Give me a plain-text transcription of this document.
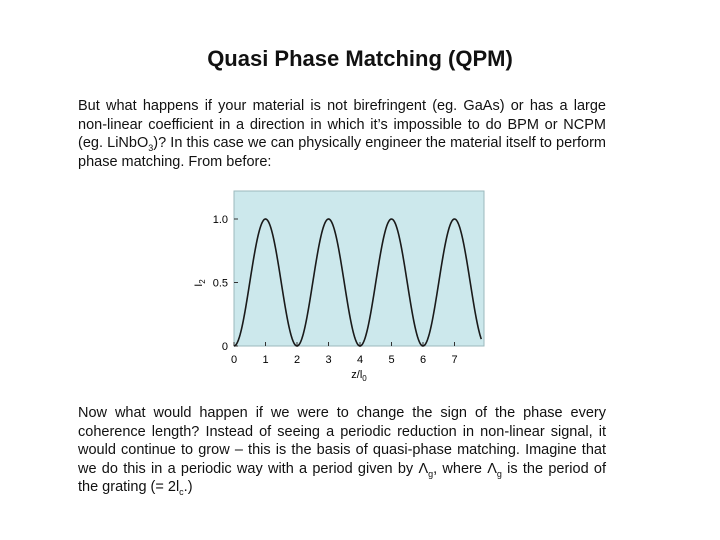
Quasi Phase Matching (QPM)
But what happens if your material is not birefringent (eg. GaAs) or has a large non-linear coefficient in a direction in which it’s impossible to do BPM or NCPM (eg. LiNbO$_3$)? In this case we can physically engineer the material itself to perform phase matching. From before:
0 1 2 3 4 5 6 7
0
0.5
1.0
$I_2$
$z/l_0$
Now what would happen if we were to change the sign of the phase every coherence length? Instead of seeing a periodic reduction in non-linear signal, it would continue to grow – this is the basis of quasi-phase matching. Imagine that we do this in a periodic way with a period given by $\Lambda_g$, where $\Lambda_g$ is the period of the grating (= $2l_c$.)
